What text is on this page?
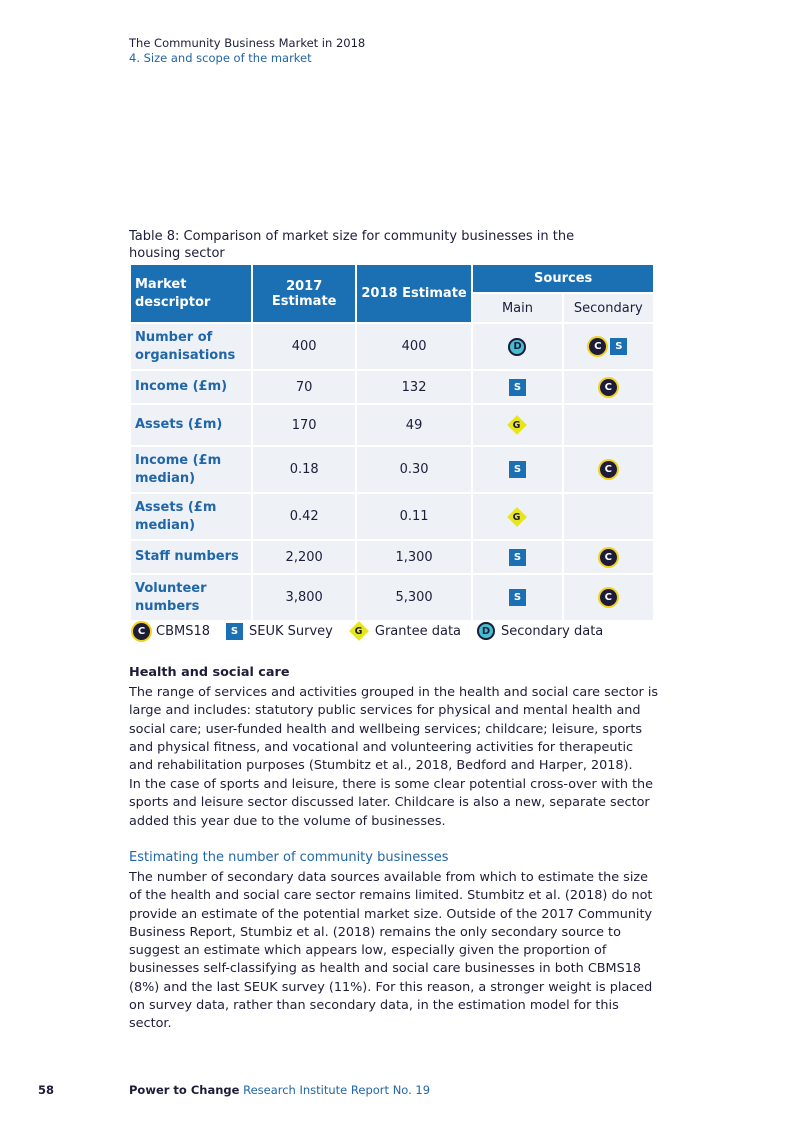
The Community Business Market in 2018
4. Size and scope of the market
Table 8: Comparison of market size for community businesses in the housing sector
Market descriptor	2017 Estimate	2018 Estimate	Sources	
			Main	Secondary
Number of organisations	400	400	D	C S

Income (£m)	70	132	S	C

Assets (£m)	170	49	G	

Income (£m median)	0.18	0.30	S	C

Assets (£m median)	0.42	0.11	G	

Staff numbers	2,200	1,300	S	C

Volunteer numbers	3,800	5,300	S	C
C CBMS18	S SEUK Survey G Grantee data	D Secondary data
Health and social care
The range of services and activities grouped in the health and social care sector is large and includes: statutory public services for physical and mental health and social care; user-funded health and wellbeing services; childcare; leisure, sports and physical fitness, and vocational and volunteering activities for therapeutic and rehabilitation purposes (Stumbitz et al., 2018, Bedford and Harper, 2018).
In the case of sports and leisure, there is some clear potential cross-over with the sports and leisure sector discussed later. Childcare is also a new, separate sector added this year due to the volume of businesses.
Estimating the number of community businesses
The number of secondary data sources available from which to estimate the size of the health and social care sector remains limited. Stumbitz et al. (2018) do not provide an estimate of the potential market size. Outside of the 2017 Community Business Report, Stumbiz et al. (2018) remains the only secondary source to suggest an estimate which appears low, especially given the proportion of businesses self-classifying as health and social care businesses in both CBMS18 (8%) and the last SEUK survey (11%). For this reason, a stronger weight is placed on survey data, rather than secondary data, in the estimation model for this sector.
58	Power to Change Research Institute Report No. 19
